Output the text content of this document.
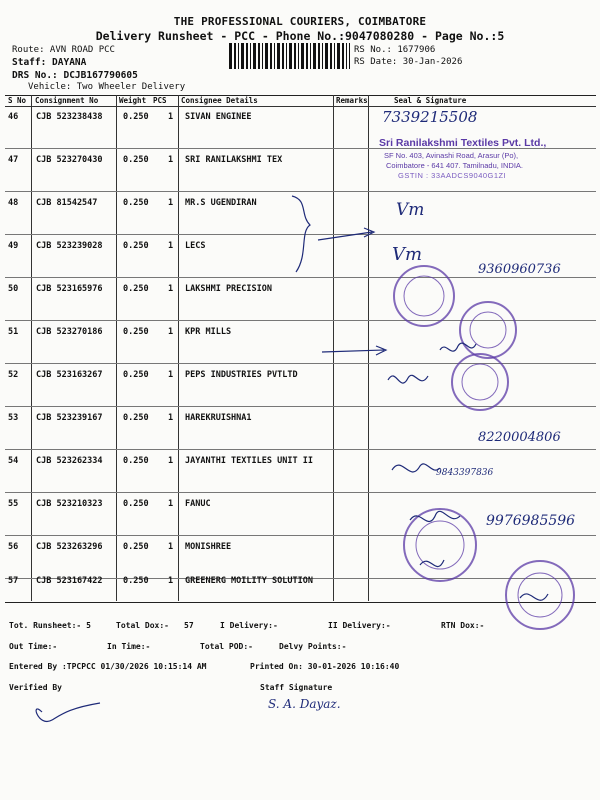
THE PROFESSIONAL COURIERS, COIMBATORE
Delivery Runsheet - PCC - Phone No.:9047080280 - Page No.:5
Route: AVN ROAD PCC
Staff: DAYANA
DRS No.: DCJB167790605
Vehicle: Two Wheeler Delivery
RS No.: 1677906
RS Date: 30-Jan-2026
S No Consignment No	Weight PCS Consignee Details	Remarks	Seal & Signature
46 CJB 523238438 0.250 1 SIVAN ENGINEE
47 CJB 523270430 0.250 1 SRI RANILAKSHMI TEX
48 CJB 81542547	0.250 1 MR.S UGENDIRAN
49 CJB 523239028 0.250 1 LECS
50 CJB 523165976 0.250 1 LAKSHMI PRECISION
51 CJB 523270186 0.250 1 KPR MILLS
52 CJB 523163267 0.250 1 PEPS INDUSTRIES PVTLTD
53 CJB 523239167 0.250 1 HAREKRUISHNA1
54 CJB 523262334 0.250 1 JAYANTHI TEXTILES UNIT II
55 CJB 523210323 0.250 1 FANUC
56 CJB 523263296 0.250 1 MONISHREE
57 CJB 523167422 0.250 1 GREENERG MOILITY SOLUTION
Sri Ranilakshmi Textiles Pvt. Ltd.,
SF No. 403, Avinashi Road, Arasur (Po),
Coimbatore - 641 407. Tamilnadu, INDIA.
GSTIN : 33AADCS9040G1ZI
7339215508
Vm
Vm
9360960736
8220004806
9843397836
9976985596
S. A. Dayaz.
Tot. Runsheet:- 5	Total Dox:- 57	I Delivery:-	II Delivery:-	RTN Dox:-
Out Time:-	In Time:-	Total POD:-	Delvy Points:-
Entered By :TPCPCC 01/30/2026 10:15:14 AM	Printed On: 30-01-2026 10:16:40
Verified By	Staff Signature
